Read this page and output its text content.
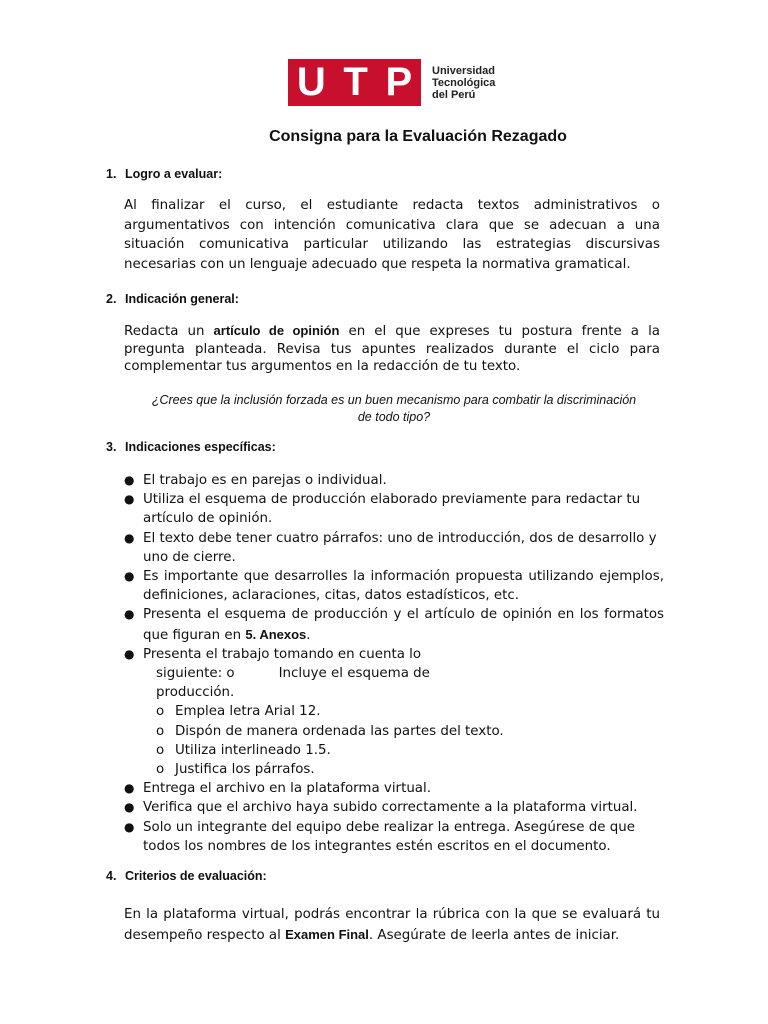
U T P Universidad
Tecnológica
del Perú
Consigna para la Evaluación Rezagado
1. Logro a evaluar:
Al finalizar el curso, el estudiante redacta textos administrativos o argumentativos con intención comunicativa clara que se adecuan a una situación comunicativa particular utilizando las estrategias discursivas necesarias con un lenguaje adecuado que respeta la normativa gramatical.
2. Indicación general:
Redacta un artículo de opinión en el que expreses tu postura frente a la pregunta planteada. Revisa tus apuntes realizados durante el ciclo para complementar tus argumentos en la redacción de tu texto.
¿Crees que la inclusión forzada es un buen mecanismo para combatir la discriminación
de todo tipo?
3. Indicaciones específicas:
● El trabajo es en parejas o individual.
● Utiliza el esquema de producción elaborado previamente para redactar tu artículo de opinión.
● El texto debe tener cuatro párrafos: uno de introducción, dos de desarrollo y uno de cierre.
● Es importante que desarrolles la información propuesta utilizando ejemplos, definiciones, aclaraciones, citas, datos estadísticos, etc.
● Presenta el esquema de producción y el artículo de opinión en los formatos que figuran en 5. Anexos.
● Presenta el trabajo tomando en cuenta lo
siguiente: o	Incluye el esquema de
producción.
o Emplea letra Arial 12.
o Dispón de manera ordenada las partes del texto.
o Utiliza interlineado 1.5.
o Justifica los párrafos.
● Entrega el archivo en la plataforma virtual.
● Verifica que el archivo haya subido correctamente a la plataforma virtual.
● Solo un integrante del equipo debe realizar la entrega. Asegúrese de que todos los nombres de los integrantes estén escritos en el documento.
4. Criterios de evaluación:
En la plataforma virtual, podrás encontrar la rúbrica con la que se evaluará tu desempeño respecto al Examen Final. Asegúrate de leerla antes de iniciar.
